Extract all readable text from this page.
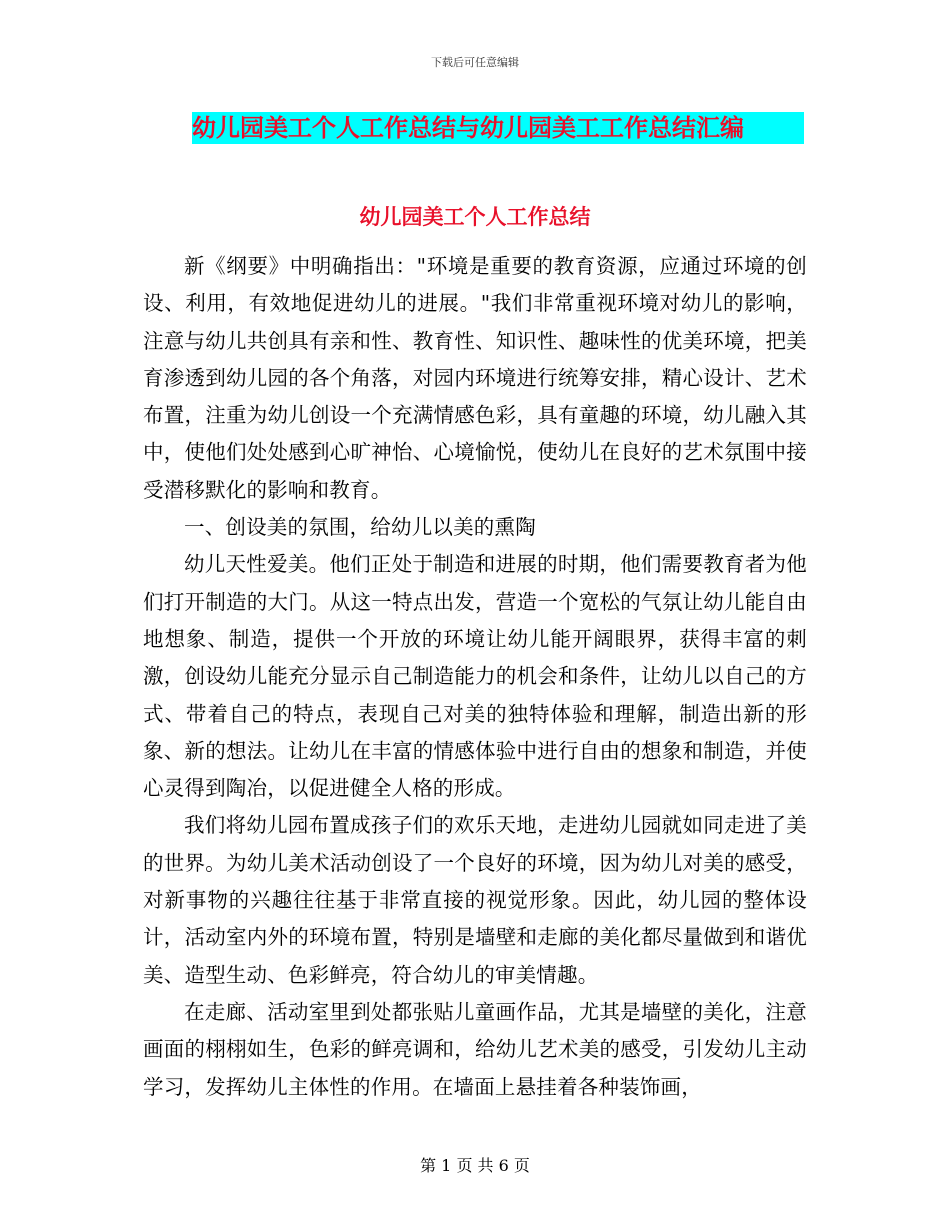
下载后可任意编辑
幼儿园美工个人工作总结与幼儿园美工工作总结汇编
幼儿园美工个人工作总结

新《纲要》中明确指出："环境是重要的教育资源，应通过环境的创设、利用，有效地促进幼儿的进展。"我们非常重视环境对幼儿的影响，注意与幼儿共创具有亲和性、教育性、知识性、趣味性的优美环境，把美育渗透到幼儿园的各个角落，对园内环境进行统筹安排，精心设计、艺术布置，注重为幼儿创设一个充满情感色彩，具有童趣的环境，幼儿融入其中，使他们处处感到心旷神怡、心境愉悦，使幼儿在良好的艺术氛围中接受潜移默化的影响和教育。

一、创设美的氛围，给幼儿以美的熏陶

幼儿天性爱美。他们正处于制造和进展的时期，他们需要教育者为他们打开制造的大门。从这一特点出发，营造一个宽松的气氛让幼儿能自由地想象、制造，提供一个开放的环境让幼儿能开阔眼界，获得丰富的刺激，创设幼儿能充分显示自己制造能力的机会和条件，让幼儿以自己的方式、带着自己的特点，表现自己对美的独特体验和理解，制造出新的形象、新的想法。让幼儿在丰富的情感体验中进行自由的想象和制造，并使心灵得到陶冶，以促进健全人格的形成。

我们将幼儿园布置成孩子们的欢乐天地，走进幼儿园就如同走进了美的世界。为幼儿美术活动创设了一个良好的环境，因为幼儿对美的感受，对新事物的兴趣往往基于非常直接的视觉形象。因此，幼儿园的整体设计，活动室内外的环境布置，特别是墙壁和走廊的美化都尽量做到和谐优美、造型生动、色彩鲜亮，符合幼儿的审美情趣。

在走廊、活动室里到处都张贴儿童画作品，尤其是墙壁的美化，注意画面的栩栩如生，色彩的鲜亮调和，给幼儿艺术美的感受，引发幼儿主动学习，发挥幼儿主体性的作用。在墙面上悬挂着各种装饰画，

第 1 页 共 6 页
